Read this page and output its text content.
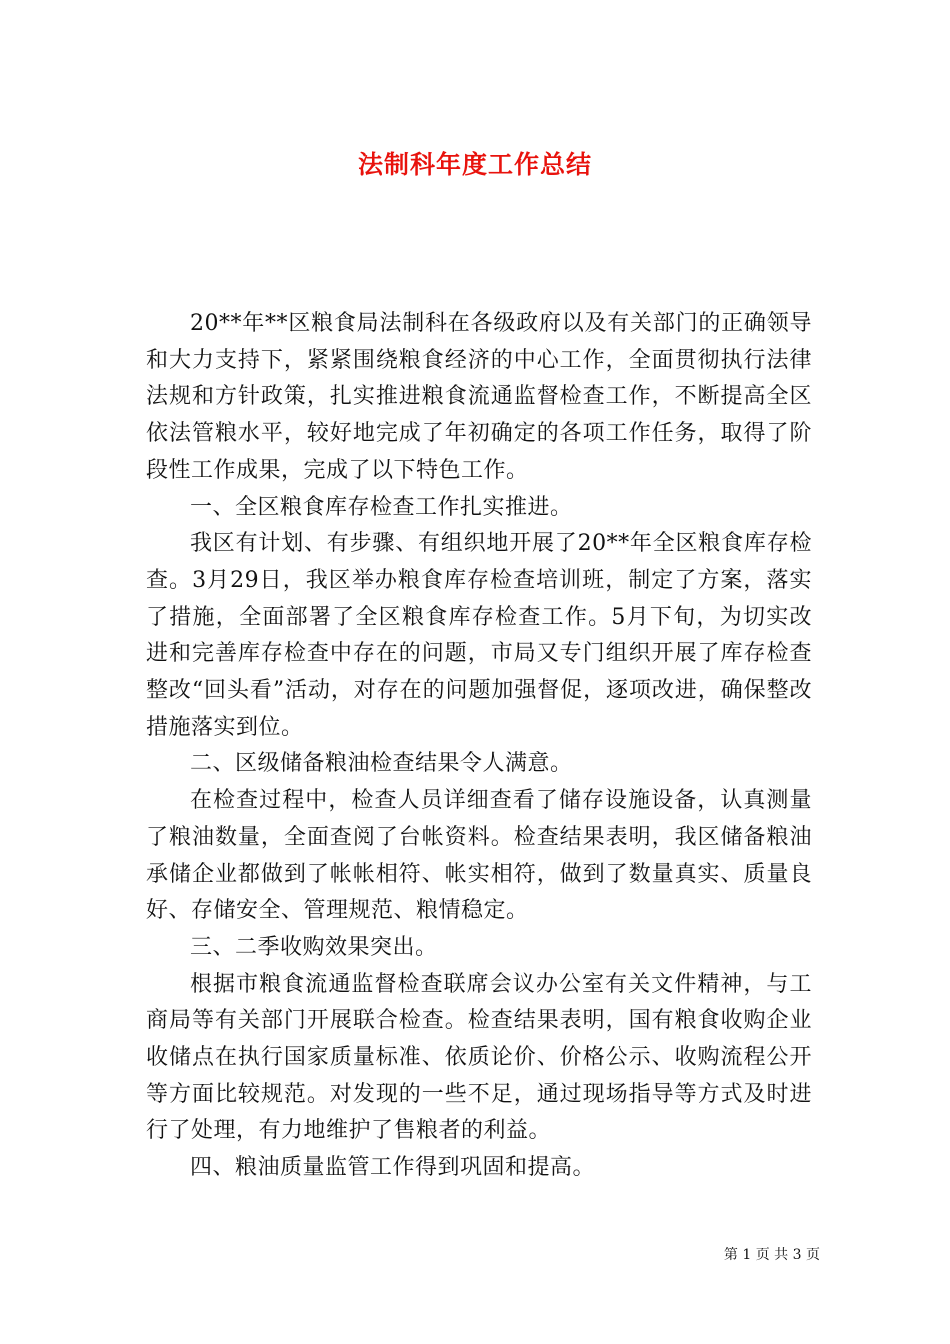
法制科年度工作总结

20**年**区粮食局法制科在各级政府以及有关部门的正确领导和大力支持下，紧紧围绕粮食经济的中心工作，全面贯彻执行法律法规和方针政策，扎实推进粮食流通监督检查工作，不断提高全区依法管粮水平，较好地完成了年初确定的各项工作任务，取得了阶段性工作成果，完成了以下特色工作。

一、全区粮食库存检查工作扎实推进。

我区有计划、有步骤、有组织地开展了20**年全区粮食库存检查。3月29日，我区举办粮食库存检查培训班，制定了方案，落实了措施，全面部署了全区粮食库存检查工作。5月下旬，为切实改进和完善库存检查中存在的问题，市局又专门组织开展了库存检查整改“回头看”活动，对存在的问题加强督促，逐项改进，确保整改措施落实到位。

二、区级储备粮油检查结果令人满意。

在检查过程中，检查人员详细查看了储存设施设备，认真测量了粮油数量，全面查阅了台帐资料。检查结果表明，我区储备粮油承储企业都做到了帐帐相符、帐实相符，做到了数量真实、质量良好、存储安全、管理规范、粮情稳定。

三、二季收购效果突出。

根据市粮食流通监督检查联席会议办公室有关文件精神，与工商局等有关部门开展联合检查。检查结果表明，国有粮食收购企业收储点在执行国家质量标准、依质论价、价格公示、收购流程公开等方面比较规范。对发现的一些不足，通过现场指导等方式及时进行了处理，有力地维护了售粮者的利益。

四、粮油质量监管工作得到巩固和提高。

第 1 页 共 3 页
